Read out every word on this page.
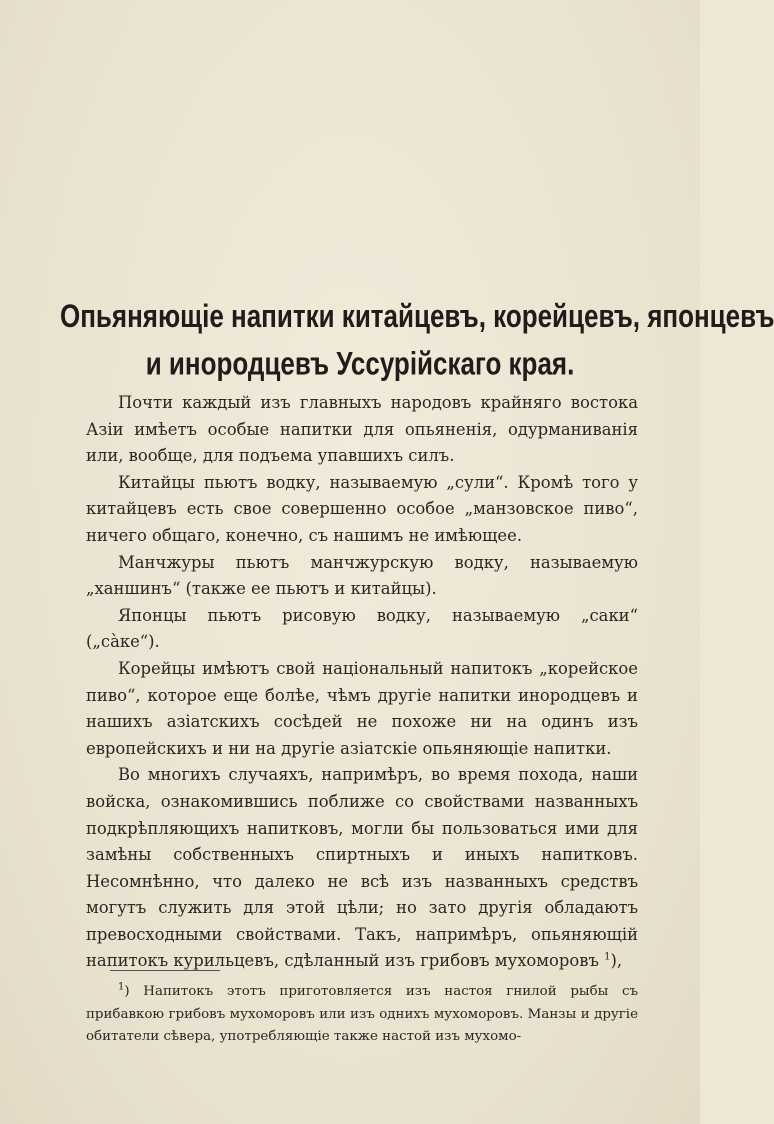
Опьяняющіе напитки китайцевъ, корейцевъ, японцевъ
и инородцевъ Уссурійскаго края.

Почти каждый изъ главныхъ народовъ крайняго востока Азіи имѣетъ особые напитки для опьяненія, одурманиванія или, вообще, для подъема упавшихъ силъ.

Китайцы пьютъ водку, называемую „сули“. Кромѣ того у китайцевъ есть свое совершенно особое „манзовское пиво“, ничего общаго, конечно, съ нашимъ не имѣющее.

Манчжуры пьютъ манчжурскую водку, называемую „ханшинъ“ (также ее пьютъ и китайцы).

Японцы пьютъ рисовую водку, называемую „саки“ („сàке“).

Корейцы имѣютъ свой національный напитокъ „корейское пиво“, которое еще болѣе, чѣмъ другіе напитки инородцевъ и нашихъ азіатскихъ сосѣдей не похоже ни на одинъ изъ европейскихъ и ни на другіе азіатскіе опьяняющіе напитки.

Во многихъ случаяхъ, напримѣръ, во время похода, наши войска, ознакомившись поближе со свойствами названныхъ подкрѣпляющихъ напитковъ, могли бы пользоваться ими для замѣны собственныхъ спиртныхъ и иныхъ напитковъ. Несомнѣнно, что далеко не всѣ изъ названныхъ средствъ могутъ служить для этой цѣли; но зато другія обладаютъ превосходными свойствами. Такъ, напримѣръ, опьяняющій напитокъ курильцевъ, сдѣланный изъ грибовъ мухоморовъ $^1$),

$^1$) Напитокъ этотъ приготовляется изъ настоя гнилой рыбы съ прибавкою грибовъ мухоморовъ или изъ одниxъ мухоморовъ. Манзы и другіе обитатели сѣвера, употребляющіе также настой изъ мухомо-
